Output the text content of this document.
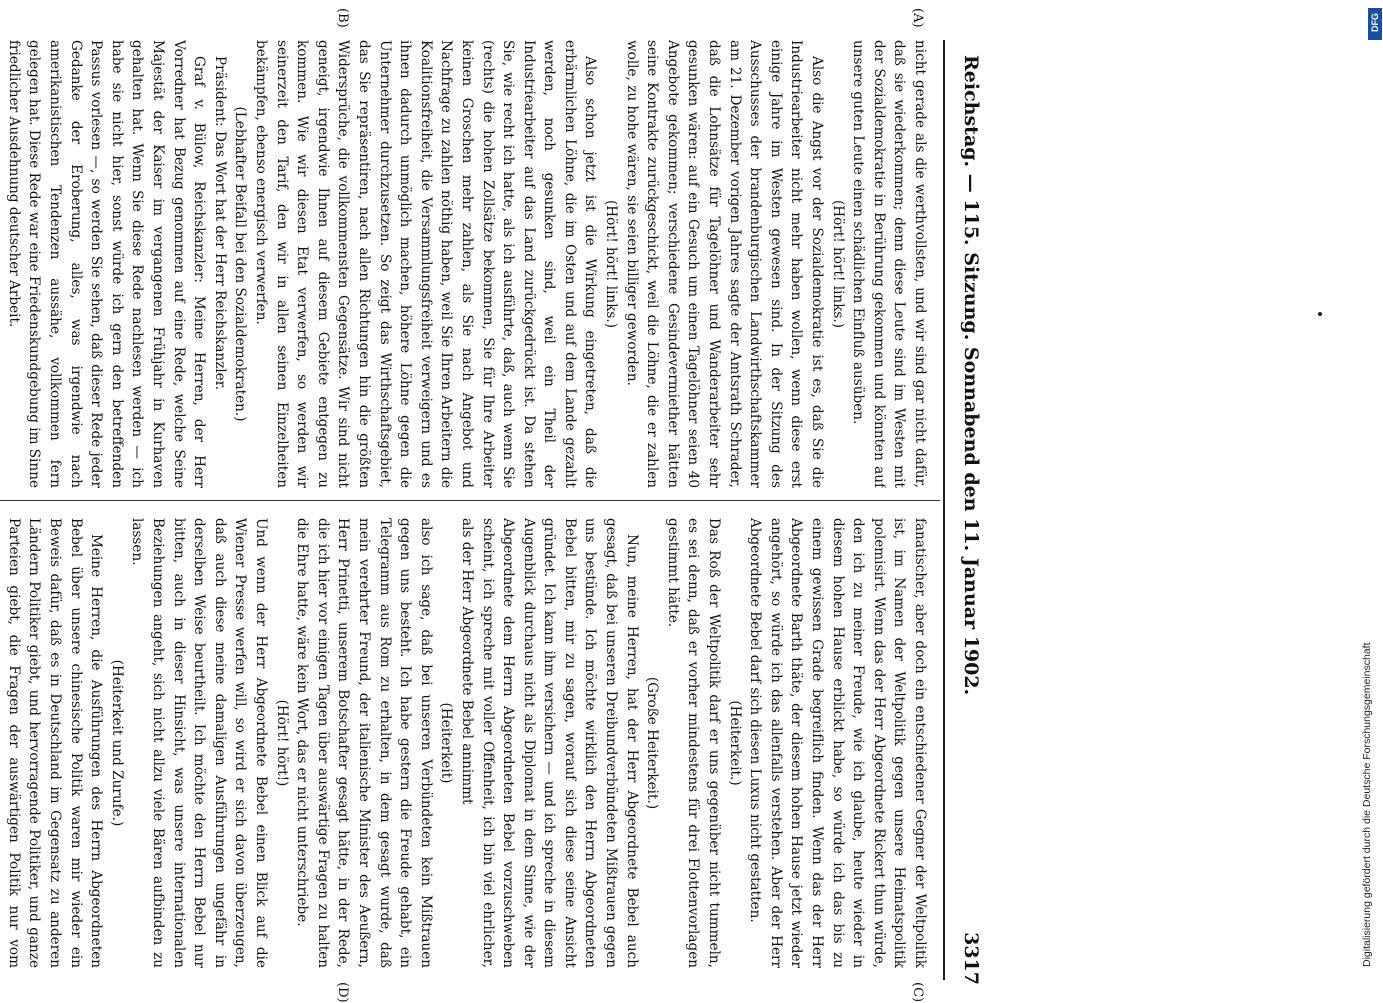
Reichstag. — 115. Sitzung. Sonnabend den 11. Januar 1902.
3317
(A)
(B)
(C)
(D)

nicht gerade als die werthvollsten, und wir sind gar nicht dafür, daß sie wiederkommen; denn diese Leute sind im Westen mit der Sozialdemokratie in Berührung gekommen und könnten auf unsere guten Leute einen schädlichen Einfluß ausüben.

(Hört! hört! links.)

Also die Angst vor der Sozialdemokratie ist es, daß Sie die Industriearbeiter nicht mehr haben wollen, wenn diese erst einige Jahre im Westen gewesen sind. In der Sitzung des Ausschusses der brandenburgischen Landwirthschaftskammer am 21. Dezember vorigen Jahres sagte der Amtsrath Schrader, daß die Lohnsätze für Tagelöhner und Wanderarbeiter sehr gesunken wären: auf ein Gesuch um einen Tagelöhner seien 40 Angebote gekommen; verschiedene Gesindevermiether hätten seine Kontrakte zurückgeschickt, weil die Löhne, die er zahlen wolle, zu hohe wären, sie seien billiger geworden.

(Hört! hört! links.)

Also schon jetzt ist die Wirkung eingetreten, daß die erbärmlichen Löhne, die im Osten und auf dem Lande gezahlt werden, noch gesunken sind, weil ein Theil der Industriearbeiter auf das Land zurückgedrückt ist. Da stehen Sie, wie recht ich hatte, als ich ausführte, daß, auch wenn Sie (rechts) die hohen Zollsätze bekommen, Sie für Ihre Arbeiter keinen Groschen mehr zahlen, als Sie nach Angebot und Nachfrage zu zahlen nöthig haben, weil Sie Ihren Arbeitern die Koalitionsfreiheit, die Versammlungsfreiheit verweigern und es ihnen dadurch unmöglich machen, höhere Löhne gegen die Unternehmer durchzusetzen. So zeigt das Wirthschaftsgebiet, das Sie repräsentiren, nach allen Richtungen hin die größten Widersprüche, die vollkommensten Gegensätze. Wir sind nicht geneigt, irgendwie Ihnen auf diesem Gebiete entgegen zu kommen. Wie wir diesen Etat verwerfen, so werden wir seinerzeit den Tarif, den wir in allen seinen Einzelheiten bekämpfen, ebenso energisch verwerfen.

(Lebhafter Beifall bei den Sozialdemokraten.)

Präsident: Das Wort hat der Herr Reichskanzler.

Graf v. Bülow, Reichskanzler: Meine Herren, der Herr Vorredner hat Bezug genommen auf eine Rede, welche Seine Majestät der Kaiser im vergangenen Frühjahr in Kurhaven gehalten hat. Wenn Sie diese Rede nachlesen werden — ich habe sie nicht hier, sonst würde ich gern den betreffenden Passus vorlesen —, so werden Sie sehen, daß dieser Rede jeder Gedanke der Eroberung, alles, was irgendwie nach amerikanistischen Tendenzen aussähe, vollkommen fern gelegen hat. Diese Rede war eine Friedenskundgebung im Sinne friedlicher Ausdehnung deutscher Arbeit.

fanatischer, aber doch ein entschiedener Gegner der Weltpolitik ist, im Namen der Weltpolitik gegen unsere Heimatspolitik polemisirt. Wenn das der Herr Abgeordnete Rickert thun würde, den ich zu meiner Freude, wie ich glaube, heute wieder in diesem hohen Hause erblickt habe, so würde ich das bis zu einem gewissen Grade begreiflich finden. Wenn das der Herr Abgeordnete Barth thäte, der diesem hohen Hause jetzt wieder angehört, so würde ich das allenfalls verstehen. Aber der Herr Abgeordnete Bebel darf sich diesen Luxus nicht gestatten.

(Heiterkeit.)

Das Roß der Weltpolitik darf er uns gegenüber nicht tummeln, es sei denn, daß er vorher mindestens für drei Flottenvorlagen gestimmt hätte.

(Große Heiterkeit.)

Nun, meine Herren, hat der Herr Abgeordnete Bebel auch gesagt, daß bei unseren Dreibundverbündeten Mißtrauen gegen uns bestünde. Ich möchte wirklich den Herrn Abgeordneten Bebel bitten, mir zu sagen, worauf sich diese seine Ansicht gründet. Ich kann ihm versichern — und ich spreche in diesem Augenblick durchaus nicht als Diplomat in dem Sinne, wie der Abgeordnete dem Herrn Abgeordneten Bebel vorzuschweben scheint, ich spreche mit voller Offenheit, ich bin viel ehrlicher, als der Herr Abgeordnete Bebel annimmt

(Heiterkeit)

also ich sage, daß bei unseren Verbündeten kein Mißtrauen gegen uns besteht. Ich habe gestern die Freude gehabt, ein Telegramm aus Rom zu erhalten, in dem gesagt wurde, daß mein verehrter Freund, der italienische Minister des Aeußern, Herr Prinetti, unserem Botschafter gesagt hätte, in der Rede, die ich hier vor einigen Tagen über auswärtige Fragen zu halten die Ehre hatte, wäre kein Wort, das er nicht unterschriebe.

(Hört! hört!)

Und wenn der Herr Abgeordnete Bebel einen Blick auf die Wiener Presse werfen will, so wird er sich davon überzeugen, daß auch diese meine damaligen Ausführungen ungefähr in derselben Weise beurtheilt. Ich möchte den Herrn Bebel nur bitten, auch in dieser Hinsicht, was unsere internationalen Beziehungen angeht, sich nicht allzu viele Bären aufbinden zu lassen.

(Heiterkeit und Zurufe.)

Meine Herren, die Ausführungen des Herrn Abgeordneten Bebel über unsere chinesische Politik waren mir wieder ein Beweis dafür, daß es in Deutschland im Gegensatz zu anderen Ländern Politiker giebt, und hervorragende Politiker, und ganze Parteien giebt, die Fragen der auswärtigen Politik nur vom	Digitalisierung gefördert durch die Deutsche Forschungsgemeinschaft
DFG
